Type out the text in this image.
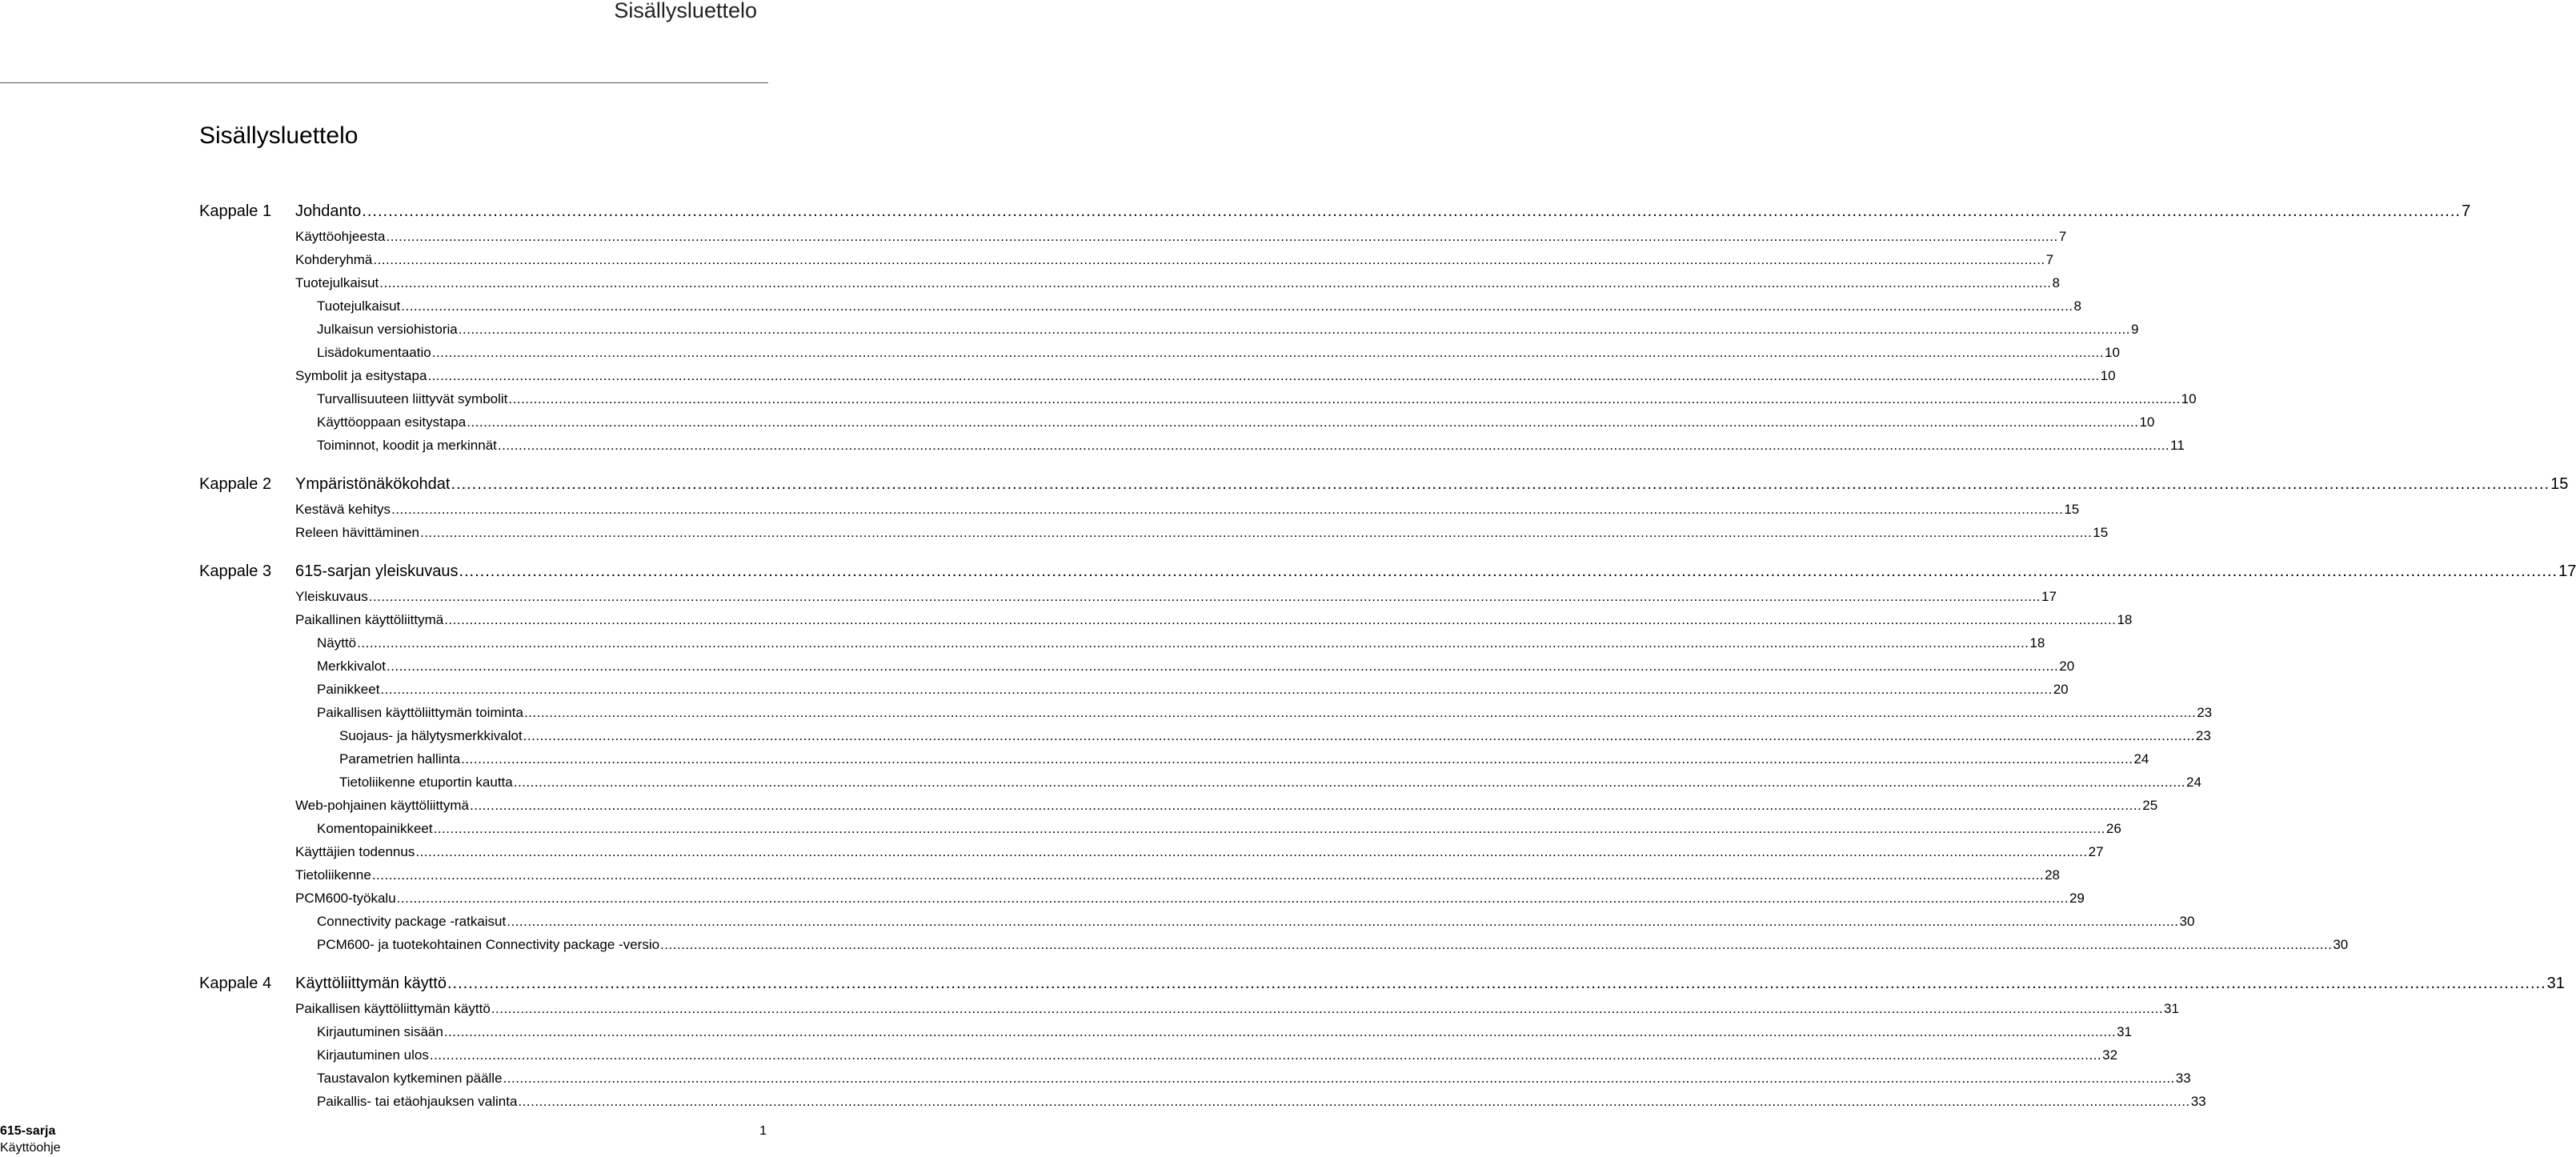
Sisällysluettelo
Sisällysluettelo
Kappale 1 Johdanto ................................................................................................................................................................................................................................................................................................................................................................................................................ 7
Käyttöohjeesta ................................................................................................................................................................................................................................................................................................................................................................................................................ 7
Kohderyhmä ................................................................................................................................................................................................................................................................................................................................................................................................................ 7
Tuotejulkaisut ................................................................................................................................................................................................................................................................................................................................................................................................................ 8
Tuotejulkaisut ................................................................................................................................................................................................................................................................................................................................................................................................................ 8
Julkaisun versiohistoria ................................................................................................................................................................................................................................................................................................................................................................................................................ 9
Lisädokumentaatio ................................................................................................................................................................................................................................................................................................................................................................................................................ 10
Symbolit ja esitystapa ................................................................................................................................................................................................................................................................................................................................................................................................................ 10
Turvallisuuteen liittyvät symbolit ................................................................................................................................................................................................................................................................................................................................................................................................................ 10
Käyttöoppaan esitystapa ................................................................................................................................................................................................................................................................................................................................................................................................................ 10
Toiminnot, koodit ja merkinnät ................................................................................................................................................................................................................................................................................................................................................................................................................ 11
Kappale 2 Ympäristönäkökohdat ................................................................................................................................................................................................................................................................................................................................................................................................................ 15
Kestävä kehitys ................................................................................................................................................................................................................................................................................................................................................................................................................ 15
Releen hävittäminen ................................................................................................................................................................................................................................................................................................................................................................................................................ 15
Kappale 3 615-sarjan yleiskuvaus ................................................................................................................................................................................................................................................................................................................................................................................................................ 17
Yleiskuvaus ................................................................................................................................................................................................................................................................................................................................................................................................................ 17
Paikallinen käyttöliittymä ................................................................................................................................................................................................................................................................................................................................................................................................................ 18
Näyttö ................................................................................................................................................................................................................................................................................................................................................................................................................ 18
Merkkivalot ................................................................................................................................................................................................................................................................................................................................................................................................................ 20
Painikkeet ................................................................................................................................................................................................................................................................................................................................................................................................................ 20
Paikallisen käyttöliittymän toiminta ................................................................................................................................................................................................................................................................................................................................................................................................................ 23
Suojaus- ja hälytysmerkkivalot ................................................................................................................................................................................................................................................................................................................................................................................................................ 23
Parametrien hallinta ................................................................................................................................................................................................................................................................................................................................................................................................................ 24
Tietoliikenne etuportin kautta ................................................................................................................................................................................................................................................................................................................................................................................................................ 24
Web-pohjainen käyttöliittymä ................................................................................................................................................................................................................................................................................................................................................................................................................ 25
Komentopainikkeet ................................................................................................................................................................................................................................................................................................................................................................................................................ 26
Käyttäjien todennus ................................................................................................................................................................................................................................................................................................................................................................................................................ 27
Tietoliikenne ................................................................................................................................................................................................................................................................................................................................................................................................................ 28
PCM600-työkalu ................................................................................................................................................................................................................................................................................................................................................................................................................ 29
Connectivity package -ratkaisut ................................................................................................................................................................................................................................................................................................................................................................................................................ 30
PCM600- ja tuotekohtainen Connectivity package -versio ................................................................................................................................................................................................................................................................................................................................................................................................................ 30
Kappale 4 Käyttöliittymän käyttö ................................................................................................................................................................................................................................................................................................................................................................................................................ 31
Paikallisen käyttöliittymän käyttö ................................................................................................................................................................................................................................................................................................................................................................................................................ 31
Kirjautuminen sisään ................................................................................................................................................................................................................................................................................................................................................................................................................ 31
Kirjautuminen ulos ................................................................................................................................................................................................................................................................................................................................................................................................................ 32
Taustavalon kytkeminen päälle ................................................................................................................................................................................................................................................................................................................................................................................................................ 33
Paikallis- tai etäohjauksen valinta ................................................................................................................................................................................................................................................................................................................................................................................................................ 33
615-sarja
Käyttöohje
1
